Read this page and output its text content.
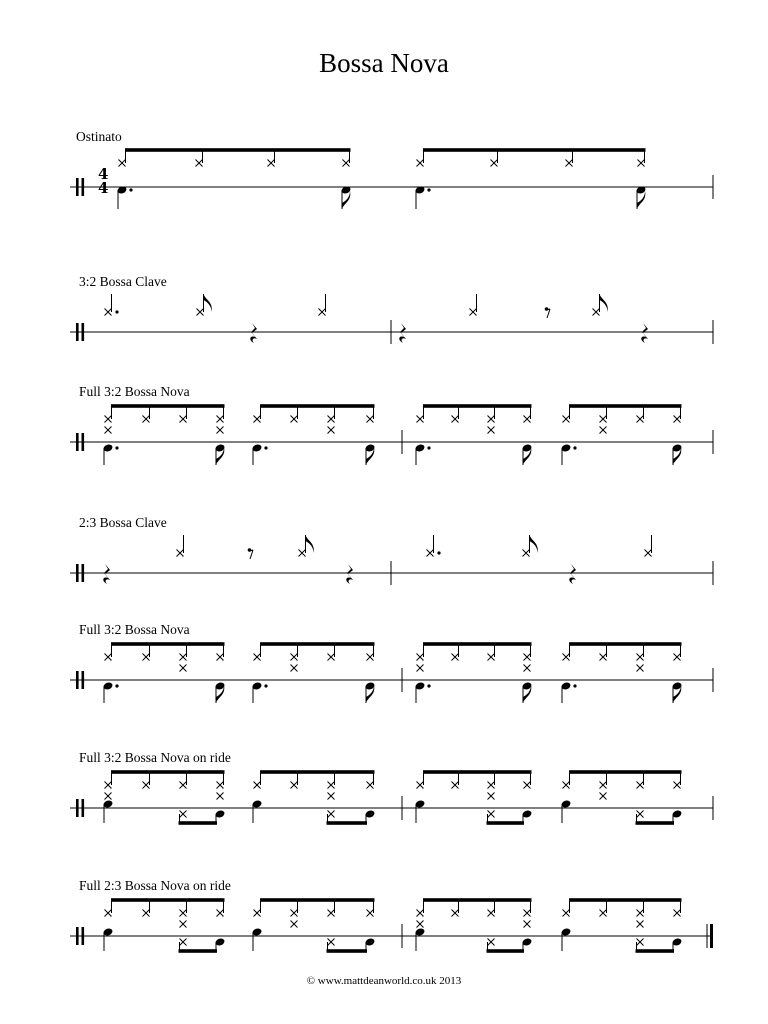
Bossa Nova
Ostinato
3:2 Bossa Clave
Full 3:2 Bossa Nova
2:3 Bossa Clave
Full 3:2 Bossa Nova
Full 3:2 Bossa Nova on ride
Full 2:3 Bossa Nova on ride
4
4
© www.mattdeanworld.co.uk 2013
